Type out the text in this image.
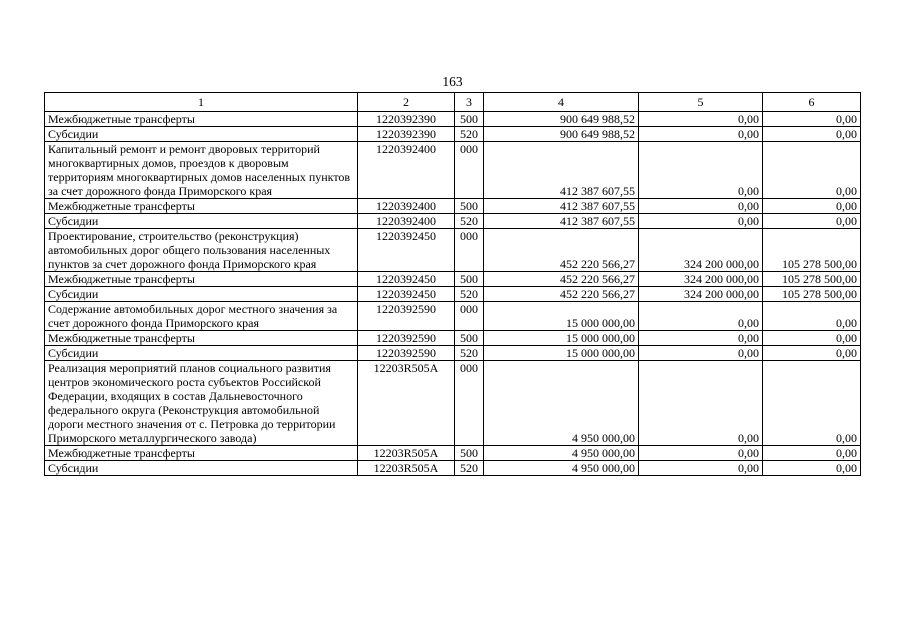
163
1	2	3	4	5	6
Межбюджетные трансферты	1220392390	500	900 649 988,52	0,00	0,00
Субсидии	1220392390	520	900 649 988,52	0,00	0,00
Капитальный ремонт и ремонт дворовых территорий многоквартирных домов, проездов к дворовым территориям многоквартирных домов населенных пунктов за счет дорожного фонда Приморского края	1220392400	000	412 387 607,55	0,00	0,00
Межбюджетные трансферты	1220392400	500	412 387 607,55	0,00	0,00
Субсидии	1220392400	520	412 387 607,55	0,00	0,00
Проектирование, строительство (реконструкция) автомобильных дорог общего пользования населенных пунктов за счет дорожного фонда Приморского края	1220392450	000	452 220 566,27	324 200 000,00	105 278 500,00
Межбюджетные трансферты	1220392450	500	452 220 566,27	324 200 000,00	105 278 500,00
Субсидии	1220392450	520	452 220 566,27	324 200 000,00	105 278 500,00
Содержание автомобильных дорог местного значения за счет дорожного фонда Приморского края	1220392590	000	15 000 000,00	0,00	0,00
Межбюджетные трансферты	1220392590	500	15 000 000,00	0,00	0,00
Субсидии	1220392590	520	15 000 000,00	0,00	0,00
Реализация мероприятий планов социального развития центров экономического роста субъектов Российской Федерации, входящих в состав Дальневосточного федерального округа (Реконструкция автомобильной дороги местного значения от с. Петровка до территории Приморского металлургического завода)	12203R505A	000	4 950 000,00	0,00	0,00
Межбюджетные трансферты	12203R505A	500	4 950 000,00	0,00	0,00
Субсидии	12203R505A	520	4 950 000,00	0,00	0,00
